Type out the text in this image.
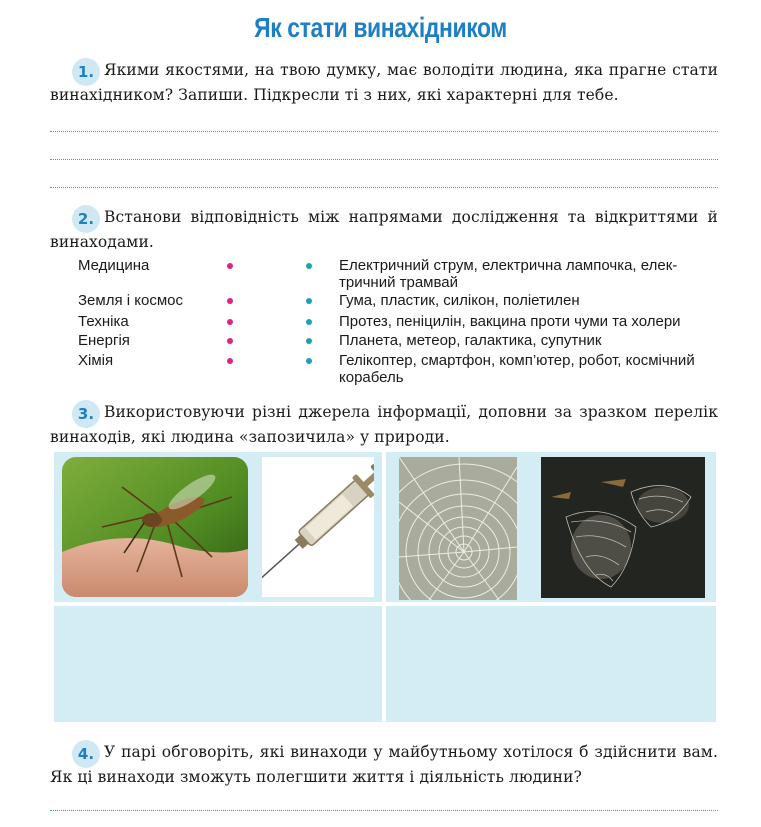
Як стати винахідником
1. Якими якостями, на твою думку, має володіти людина, яка прагне стати винахідником? Запиши. Підкресли ті з них, які характерні для тебе.
2. Встанови відповідність між напрямами дослідження та відкриттями й винаходами.
Медицина
Земля і космос
Техніка
Енергія
Хімія
Електричний струм, електрична лампочка, елек-
тричний трамвай
Гума, пластик, силікон, поліетилен
Протез, пеніцилін, вакцина проти чуми та холери
Планета, метеор, галактика, супутник
Гелікоптер, смартфон, комп’ютер, робот, космічний
корабель
3. Використовуючи різні джерела інформації, доповни за зразком перелік винаходів, які людина «запозичила» у природи.
4. У парі обговоріть, які винаходи у майбутньому хотілося б здійснити вам. Як ці винаходи зможуть полегшити життя і діяльність людини?
